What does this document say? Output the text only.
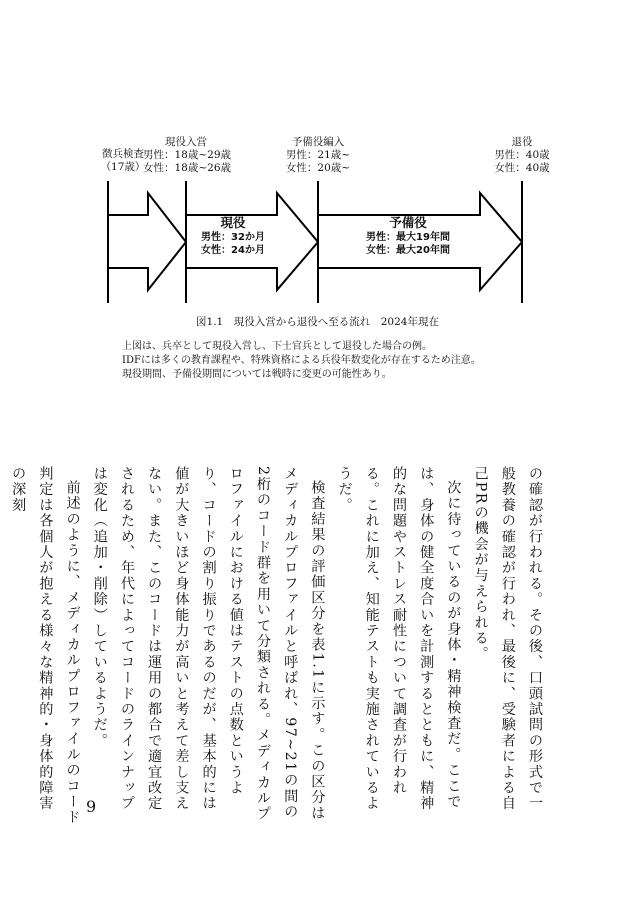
徴兵検査
（17歳）
現役入営
男性：18歳~29歳
女性：18歳~26歳
予備役編入
男性：21歳~
女性：20歳~
退役
男性：40歳
女性：40歳
現役
男性：32か月
女性：24か月
予備役
男性：最大19年間
女性：最大20年間
図1.1　現役入営から退役へ至る流れ　2024年現在
上図は、兵卒として現役入営し、下士官兵として退役した場合の例。
IDFには多くの教育課程や、特殊資格による兵役年数変化が存在するため注意。
現役期間、予備役期間については戦時に変更の可能性あり。

の確認が行われる。その後、口頭試問の形式で一般教養の確認が行われ、最後に、受験者による自己PRの機会が与えられる。

次に待っているのが身体・精神検査だ。ここでは、身体の健全度合いを計測するとともに、精神的な問題やストレス耐性について調査が行われる。これに加え、知能テストも実施されているようだ。

検査結果の評価区分を表1.1に示す。この区分はメディカルプロファイルと呼ばれ、97~21の間の2桁のコード群を用いて分類される。メディカルプロファイルにおける値はテストの点数というより、コードの割り振りであるのだが、基本的には値が大きいほど身体能力が高いと考えて差し支えない。また、このコードは運用の都合で適宜改定されるため、年代によってコードのラインナップは変化（追加・削除）しているようだ。

前述のように、メディカルプロファイルのコード判定は各個人が抱える様々な精神的・身体的障害の深刻

9
